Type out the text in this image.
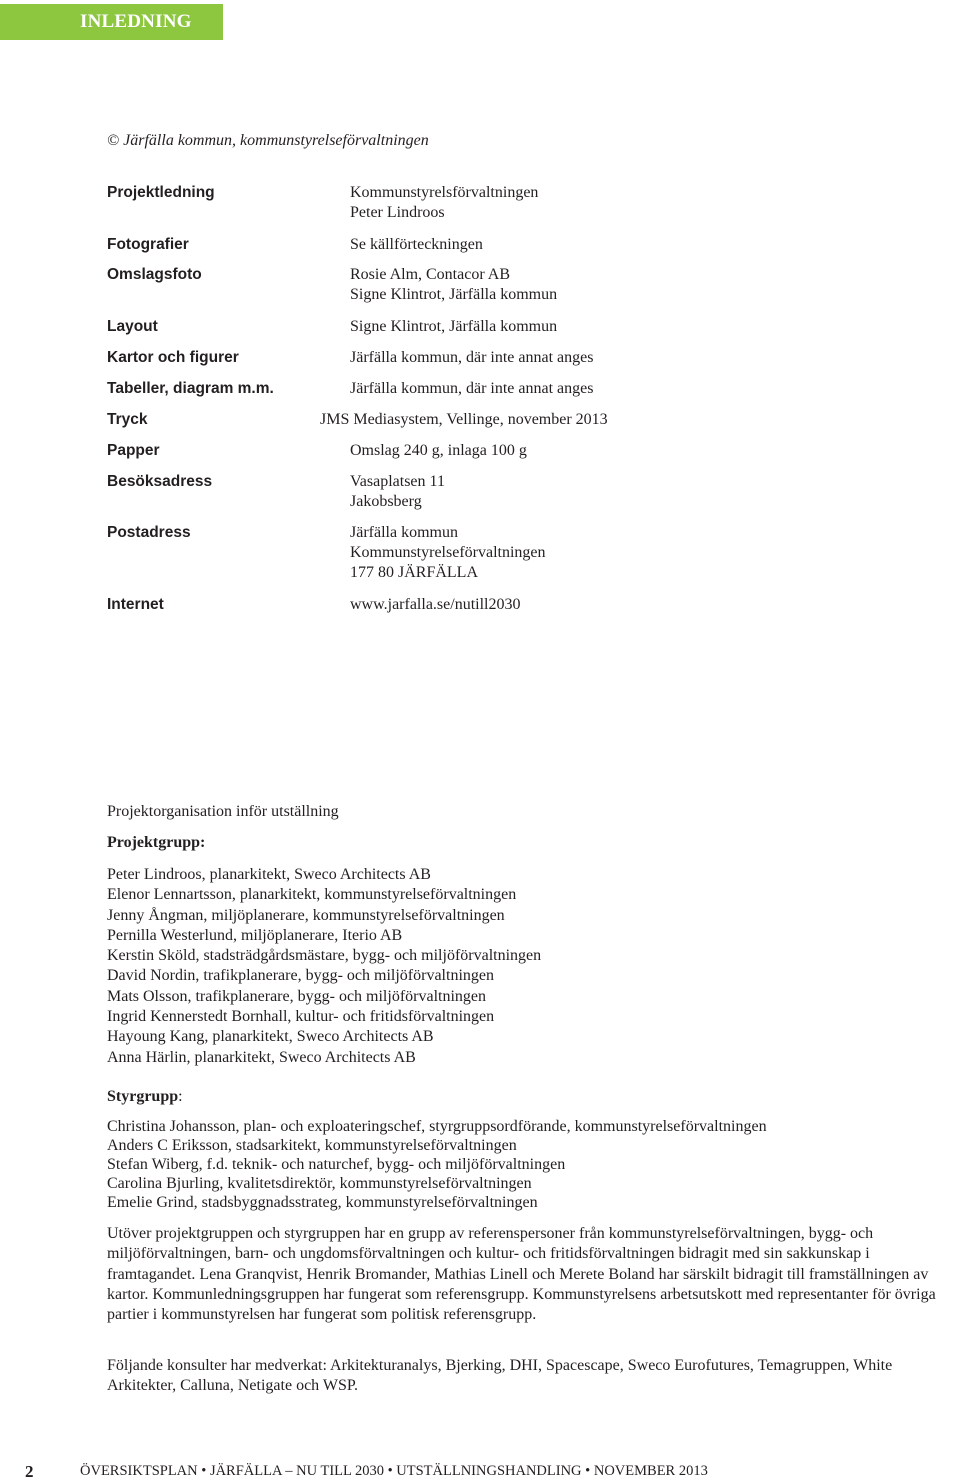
INLEDNING
© Järfälla kommun, kommunstyrelseförvaltningen
Projektledning	Kommunstyrelsförvaltningen
Peter Lindroos
Fotografier	Se källförteckningen
Omslagsfoto	Rosie Alm, Contacor AB
Signe Klintrot, Järfälla kommun
Layout	Signe Klintrot, Järfälla kommun
Kartor och figurer	Järfälla kommun, där inte annat anges
Tabeller, diagram m.m.	Järfälla kommun, där inte annat anges
Tryck	JMS Mediasystem, Vellinge, november 2013
Papper	Omslag 240 g, inlaga 100 g
Besöksadress	Vasaplatsen 11
Jakobsberg
Postadress	Järfälla kommun
Kommunstyrelseförvaltningen
177 80 JÄRFÄLLA
Internet	www.jarfalla.se/nutill2030
Projektorganisation inför utställning
Projektgrupp:
Peter Lindroos, planarkitekt, Sweco Architects AB
Elenor Lennartsson, planarkitekt, kommunstyrelseförvaltningen
Jenny Ångman, miljöplanerare, kommunstyrelseförvaltningen
Pernilla Westerlund, miljöplanerare, Iterio AB
Kerstin Sköld, stadsträdgårdsmästare, bygg- och miljöförvaltningen
David Nordin, trafikplanerare, bygg- och miljöförvaltningen
Mats Olsson, trafikplanerare, bygg- och miljöförvaltningen
Ingrid Kennerstedt Bornhall, kultur- och fritidsförvaltningen
Hayoung Kang, planarkitekt, Sweco Architects AB
Anna Härlin, planarkitekt, Sweco Architects AB
Styrgrupp:
Christina Johansson, plan- och exploateringschef, styrgruppsordförande, kommunstyrelseförvaltningen
Anders C Eriksson, stadsarkitekt, kommunstyrelseförvaltningen
Stefan Wiberg, f.d. teknik- och naturchef, bygg- och miljöförvaltningen
Carolina Bjurling, kvalitetsdirektör, kommunstyrelseförvaltningen
Emelie Grind, stadsbyggnadsstrateg, kommunstyrelseförvaltningen
Utöver projektgruppen och styrgruppen har en grupp av referenspersoner från kommunstyrelseförvaltningen, bygg- och miljöförvaltningen, barn- och ungdomsförvaltningen och kultur- och fritidsförvaltningen bidragit med sin sakkunskap i framtagandet. Lena Granqvist, Henrik Bromander, Mathias Linell och Merete Boland har särskilt bidragit till framställningen av kartor. Kommunledningsgruppen har fungerat som referensgrupp. Kommunstyrelsens arbetsutskott med representanter för övriga partier i kommunstyrelsen har fungerat som politisk referensgrupp.
Följande konsulter har medverkat: Arkitekturanalys, Bjerking, DHI, Spacescape, Sweco Eurofutures, Temagruppen, White Arkitekter, Calluna, Netigate och WSP.
2	ÖVERSIKTSPLAN • JÄRFÄLLA – NU TILL 2030 • UTSTÄLLNINGSHANDLING • NOVEMBER 2013
